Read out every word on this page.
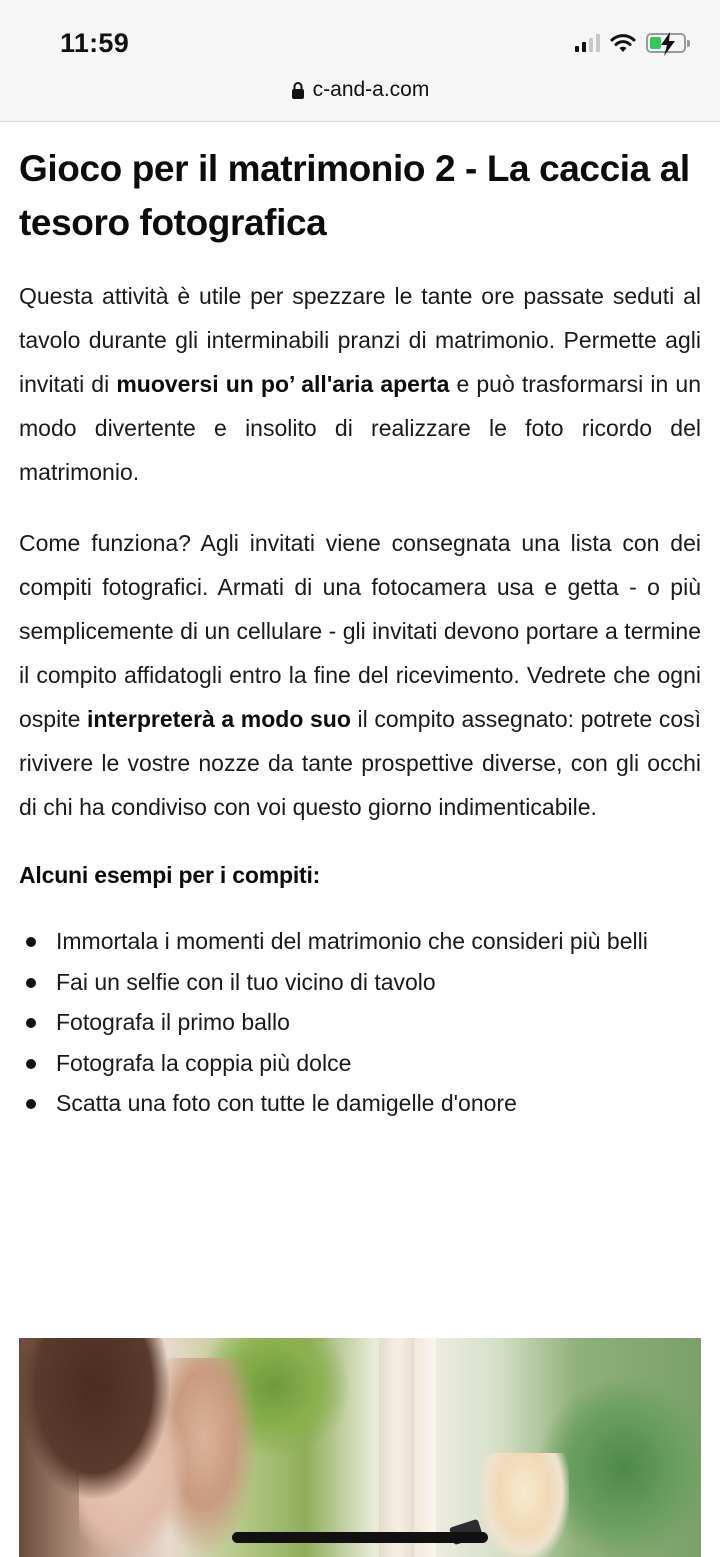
11:59
c-and-a.com
Gioco per il matrimonio 2 - La caccia al tesoro fotografica

Questa attività è utile per spezzare le tante ore passate seduti al tavolo durante gli interminabili pranzi di matrimonio. Permette agli invitati di muoversi un po’ all'aria aperta e può trasformarsi in un modo divertente e insolito di realizzare le foto ricordo del matrimonio.

Come funziona? Agli invitati viene consegnata una lista con dei compiti fotografici. Armati di una fotocamera usa e getta - o più semplicemente di un cellulare - gli invitati devono portare a termine il compito affidatogli entro la fine del ricevimento. Vedrete che ogni ospite interpreterà a modo suo il compito assegnato: potrete così rivivere le vostre nozze da tante prospettive diverse, con gli occhi di chi ha condiviso con voi questo giorno indimenticabile.

Alcuni esempi per i compiti:
Immortala i momenti del matrimonio che consideri più belli
Fai un selfie con il tuo vicino di tavolo
Fotografa il primo ballo
Fotografa la coppia più dolce
Scatta una foto con tutte le damigelle d'onore
